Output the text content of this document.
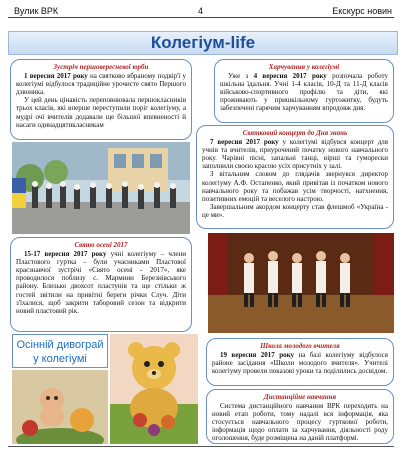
Вулик ВРК	4	Екскурс новин
Колегіум-life
Зустріч першовересневої юрби

1 вересня 2017 року на святково вбраному подвір'ї у колегіумі відбулося традиційне урочисте свято Першого дзвоника.

У цей день цінавість переповнювала першокласників трьох класів, які вперше переступили поріг колегіуму, а мудрі очі вчителів додавали ще більшої впевненості й насаги одинадцятикласникам

Харчування у колегіумі

Уже з 4 вересня 2017 року розпочала роботу шкільна їдальня. Учні 1-4 класів, 10-Д та 11-Д класів військово-спортивного профілю та діти, які проживають у пришкільному гуртожитку, будуть забезпечені гарячим харчуванням впродовж дня.

Святковий концерт до Дня знань

7 вересня 2017 року у колегіумі відбувся концерт для учнів та вчителів, приурочений початку нового навчального року. Чарівні пісні, запальні танці, вірші та гуморески заполнили своєю красою усіх присутніх у залі.

З вітальним словом до глядачів звернувся директор колегіуму А.Ф. Остапенко, який привітав із початком нового навчального року та побажав усім творчості, натхнення, позитивних емоцій та веселого настрою.

Завершальним акордом концерту став флешмоб «Україна - це ми».

Свято осені 2017

15-17 вересня 2017 року учні колегіуму – члени Пластового гуртка – були учасниками Пластової краєзнавчої зустрічі «Свято осені - 2017», яке проводилося поблизу с. Мармиии Березнівського району. Близько двохсот пластунів та ще стільки ж гостей звітили на привітні береги річки Случ. Діти з'їхалися, щоб закрити таборовий сезон та відкрити новий пластовий рік.

Осінній дивограй
у колегіумі
Школа молодого вчителя

19 вересня 2017 року на базі колегіуму відбулося районе засідання «Школи молодого вчителя». Учителі колегіуму провели показові уроки та поділились досвідом.

Дистанційне навчання

Система дистанційного навчання ВРК переходить на новий етап роботи, тому надалі вся інформація, яка стосується навчального процесу гурткової роботи, інформація щодо оплати за харчування, діяльності роду оголошення, буде розміщена на даній платформі.
